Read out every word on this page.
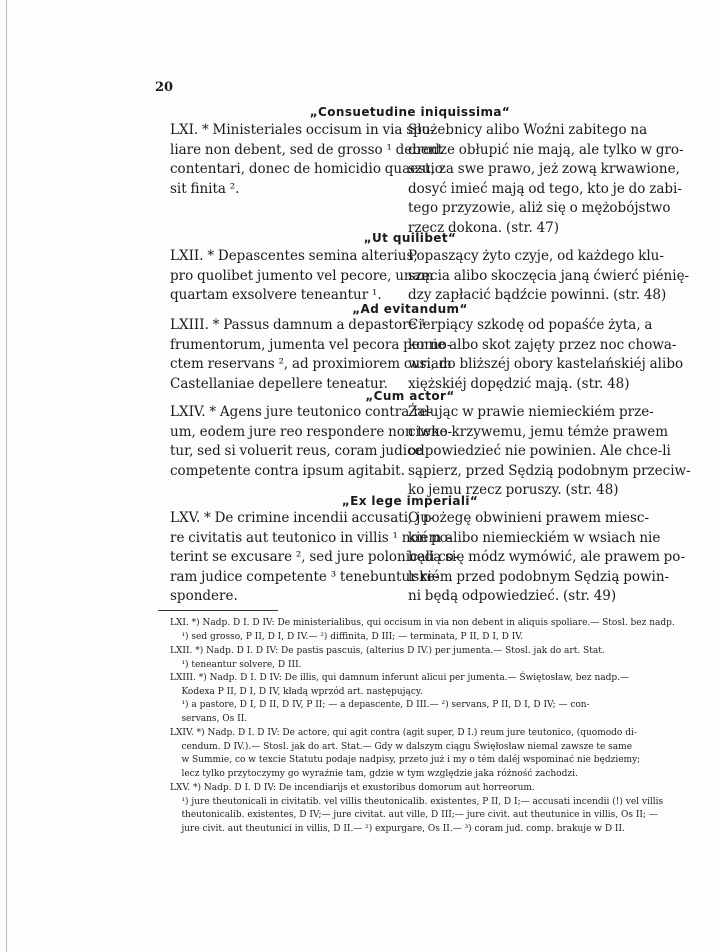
20
„Consuetudine iniquissima“
LXI. * Ministeriales occisum in via spo-
liare non debent, sed de grosso ¹ debent
contentari, donec de homicidio quaestio
sit finita ².
Służebnicy alibo Woźni zabitego na
drodze obłupić nie mają, ale tylko w gro-
szu, za swe prawo, jeż zową krwawione,
dosyć imieć mają od tego, kto je do zabi-
tego przyzowie, aliż się o mężobójstwo
rzecz dokona. (str. 47)
„Ut quilibet“
LXII. * Depascentes semina alterius,
pro quolibet jumento vel pecore, unam
quartam exsolvere teneantur ¹.
Popaszący żyto czyje, od każdego klu-
szęcia alibo skoczęcia janą ćwierć piénię-
dzy zapłacić bądźcie powinni. (str. 48)
„Ad evitandum“
LXIII. * Passus damnum a depastore ¹
frumentorum, jumenta vel pecora per no-
ctem reservans ², ad proximiorem curiam
Castellaniae depellere teneatur.
Cierpiący szkodę od popaśće żyta, a
konie albo skot zajęty przez noc chowa-
wsi, do bliższéj obory kastelańskiéj alibo
xiężskiéj dopędzić mają. (str. 48)
„Cum actor“
LXIV. * Agens jure teutonico contra re-
um, eodem jure reo respondere non tene-
tur, sed si voluerit reus, coram judice
competente contra ipsum agitabit.
Żałując w prawie niemieckiém prze-
ciwko krzywemu, jemu témże prawem
odpowiedzieć nie powinien. Ale chce-li
sąpierz, przed Sędzią podobnym przeciw-
ko jemu rzecz poruszy. (str. 48)
„Ex lege imperiali“
LXV. * De crimine incendii accusati, ju-
re civitatis aut teutonico in villis ¹ non po-
terint se excusare ², sed jure polonicali co-
ram judice competente ³ tenebuntur re-
spondere.
O pożegę obwinieni prawem miesc-
kiém alibo niemieckiém w wsiach nie
będą się módz wymówić, ale prawem po-
lskiém przed podobnym Sędzią powin-
ni będą odpowiedzieć. (str. 49)
LXI. *) Nadp. D I. D IV: De ministerialibus, qui occisum in via non debent in aliquis spoliare.— Stosl. bez nadp.
¹) sed grosso, P II, D I, D IV.— ²) diffinita, D III; — terminata, P II, D I, D IV.
LXII. *) Nadp. D I. D IV: De pastis pascuis, (alterius D IV.) per jumenta.— Stosl. jak do art. Stat.
¹) teneantur solvere, D III.
LXIII. *) Nadp. D I. D IV: De illis, qui damnum inferunt alicui per jumenta.— Świętosław, bez nadp.—
Kodexa P II, D I, D IV, kładą wprzód art. następujący.
¹) a pastore, D I, D II, D IV, P II; — a depascente, D III.— ²) servans, P II, D I, D IV; — con-
servans, Os II.
LXIV. *) Nadp. D I. D IV: De actore, qui agit contra (agit super, D I.) reum jure teutonico, (quomodo di-
cendum. D IV.).— Stosl. jak do art. Stat.— Gdy w dalszym ciągu Święłosław niemal zawsze te same
w Summie, co w texcie Statutu podaje nadpisy, przeto już i my o tém daléj wspominać nie będziemy;
lecz tylko przytoczymy go wyraźnie tam, gdzie w tym względzie jaka różność zachodzi.
LXV. *) Nadp. D I. D IV: De incendiarijs et exustoribus domorum aut horreorum.
¹) jure theutonicali in civitatib. vel villis theutonicalib. existentes, P II, D I;— accusati incendii (!) vel villis
theutonicalib. existentes, D IV;— jure civitat. aut ville, D III;— jure civit. aut theutunice in villis, Os II; —
jure civit. aut theutunici in villis, D II.— ²) expurgare, Os II.— ³) coram jud. comp. brakuje w D II.
